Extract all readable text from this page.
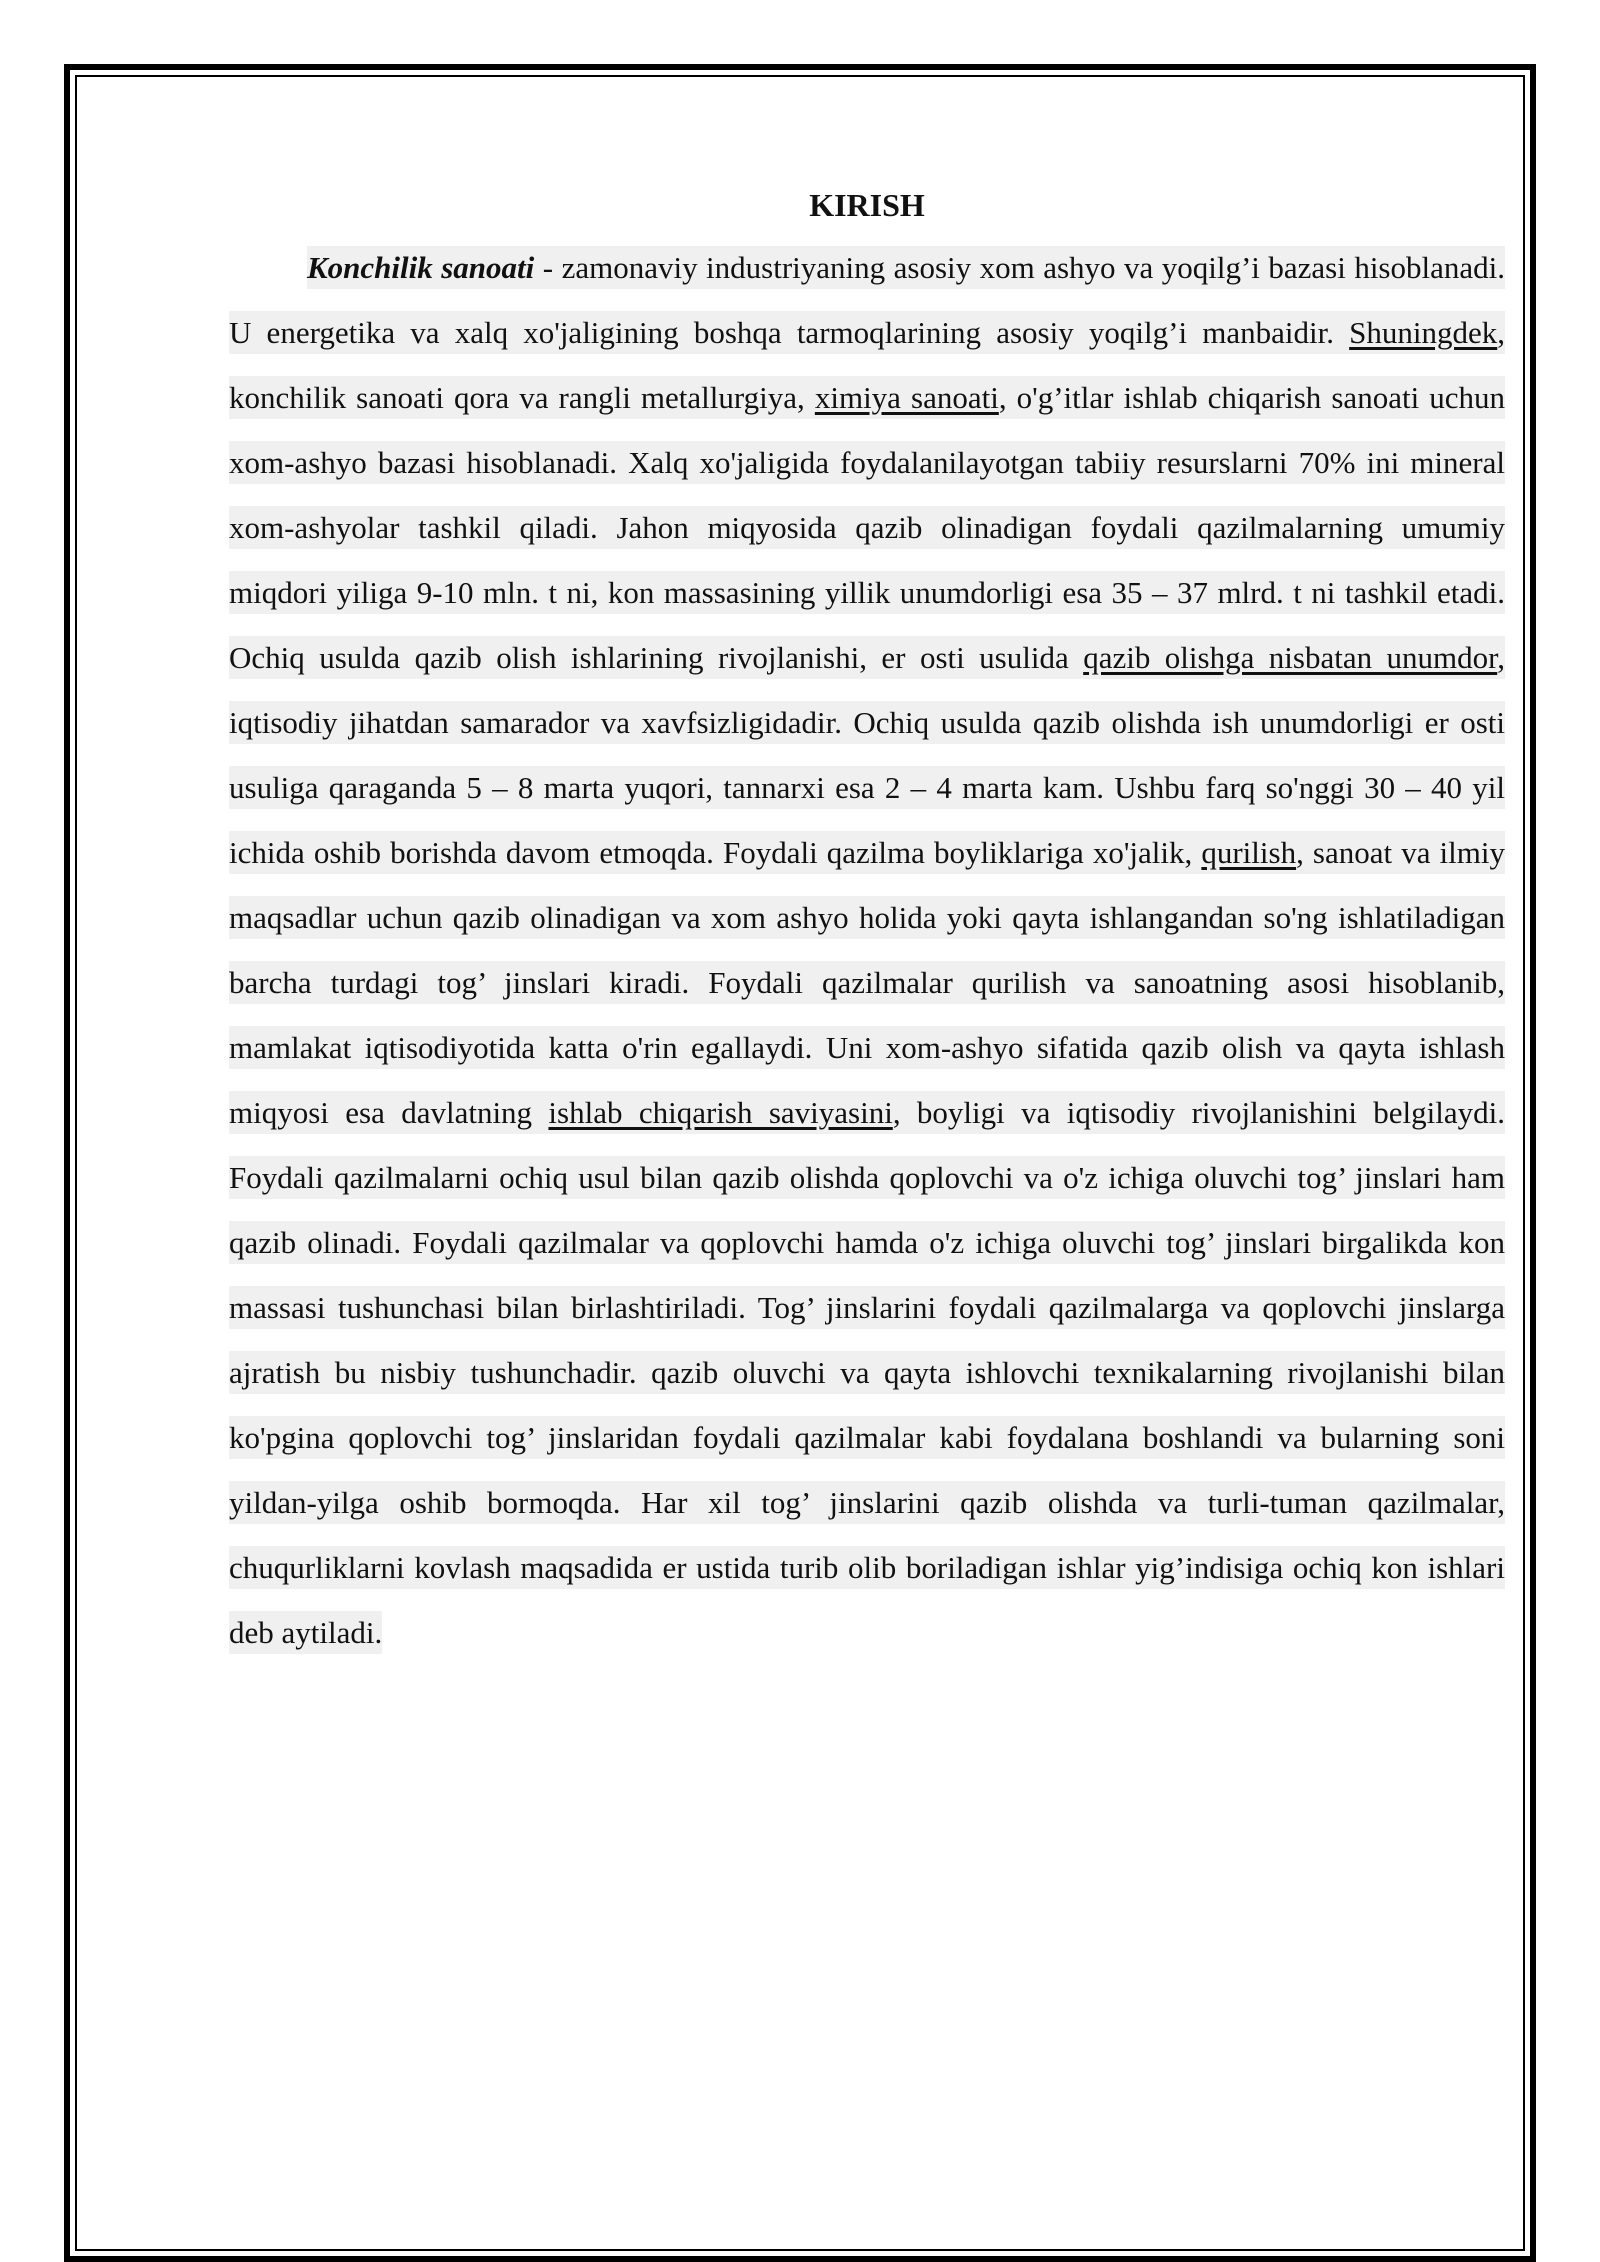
KIRISH

Konchilik sanoati - zamonaviy industriyaning asosiy xom ashyo va yoqilg’i bazasi hisoblanadi. U energetika va xalq xo'jaligining boshqa tarmoqlarining asosiy yoqilg’i manbaidir. Shuningdek, konchilik sanoati qora va rangli metallurgiya, ximiya sanoati, o'g’itlar ishlab chiqarish sanoati uchun xom-ashyo bazasi hisoblanadi. Xalq xo'jaligida foydalanilayotgan tabiiy resurslarni 70% ini mineral xom-ashyolar tashkil qiladi. Jahon miqyosida qazib olinadigan foydali qazilmalarning umumiy miqdori yiliga 9-10 mln. t ni, kon massasining yillik unumdorligi esa 35 – 37 mlrd. t ni tashkil etadi. Ochiq usulda qazib olish ishlarining rivojlanishi, er osti usulida qazib olishga nisbatan unumdor, iqtisodiy jihatdan samarador va xavfsizligidadir. Ochiq usulda qazib olishda ish unumdorligi er osti usuliga qaraganda 5 – 8 marta yuqori, tannarxi esa 2 – 4 marta kam. Ushbu farq so'nggi 30 – 40 yil ichida oshib borishda davom etmoqda. Foydali qazilma boyliklariga xo'jalik, qurilish, sanoat va ilmiy maqsadlar uchun qazib olinadigan va xom ashyo holida yoki qayta ishlangandan so'ng ishlatiladigan barcha turdagi tog’ jinslari kiradi. Foydali qazilmalar qurilish va sanoatning asosi hisoblanib, mamlakat iqtisodiyotida katta o'rin egallaydi. Uni xom-ashyo sifatida qazib olish va qayta ishlash miqyosi esa davlatning ishlab chiqarish saviyasini, boyligi va iqtisodiy rivojlanishini belgilaydi. Foydali qazilmalarni ochiq usul bilan qazib olishda qoplovchi va o'z ichiga oluvchi tog’ jinslari ham qazib olinadi. Foydali qazilmalar va qoplovchi hamda o'z ichiga oluvchi tog’ jinslari birgalikda kon massasi tushunchasi bilan birlashtiriladi. Tog’ jinslarini foydali qazilmalarga va qoplovchi jinslarga ajratish bu nisbiy tushunchadir. qazib oluvchi va qayta ishlovchi texnikalarning rivojlanishi bilan ko'pgina qoplovchi tog’ jinslaridan foydali qazilmalar kabi foydalana boshlandi va bularning soni yildan-yilga oshib bormoqda. Har xil tog’ jinslarini qazib olishda va turli-tuman qazilmalar, chuqurliklarni kovlash maqsadida er ustida turib olib boriladigan ishlar yig’indisiga ochiq kon ishlari deb aytiladi.
